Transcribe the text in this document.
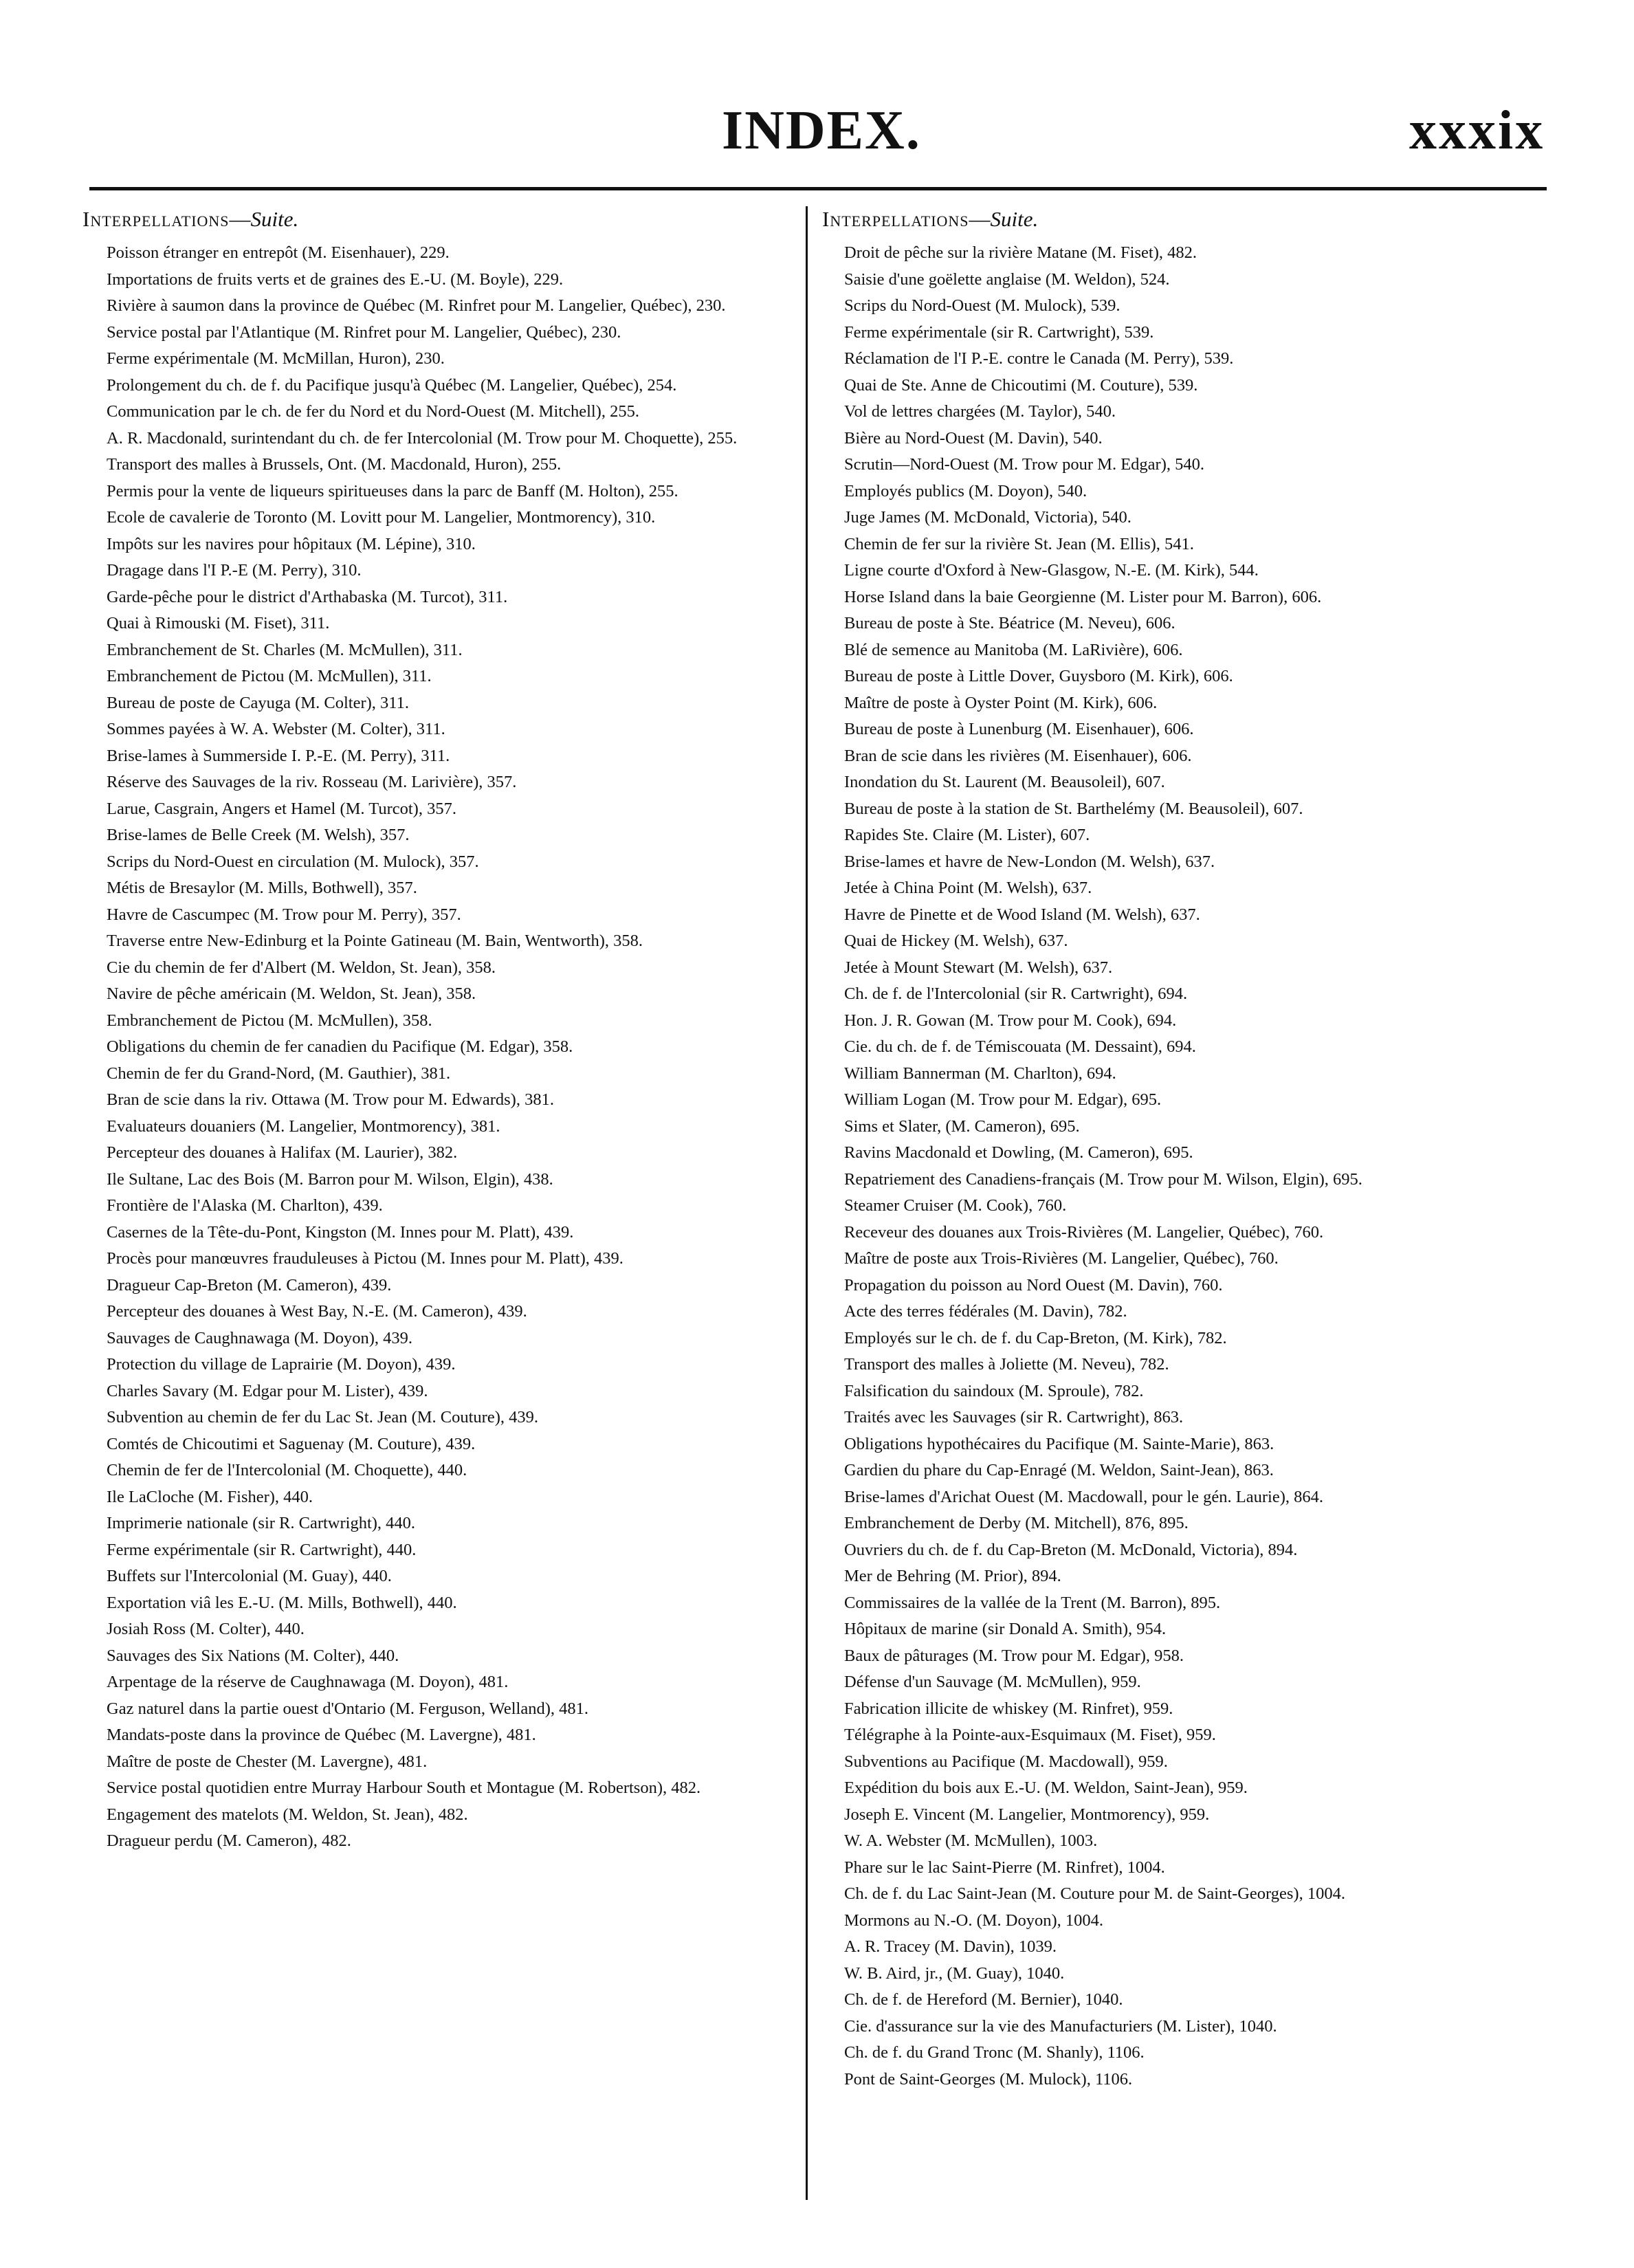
INDEX.	xxxix
Interpellations—Suite.
Poisson étranger en entrepôt (M. Eisenhauer), 229.
Importations de fruits verts et de graines des E.-U. (M. Boyle), 229.
Rivière à saumon dans la province de Québec (M. Rinfret pour M. Langelier, Québec), 230.
Service postal par l'Atlantique (M. Rinfret pour M. Langelier, Québec), 230.
Ferme expérimentale (M. McMillan, Huron), 230.
Prolongement du ch. de f. du Pacifique jusqu'à Québec (M. Langelier, Québec), 254.
Communication par le ch. de fer du Nord et du Nord-Ouest (M. Mitchell), 255.
A. R. Macdonald, surintendant du ch. de fer Intercolonial (M. Trow pour M. Choquette), 255.
Transport des malles à Brussels, Ont. (M. Macdonald, Huron), 255.
Permis pour la vente de liqueurs spiritueuses dans la parc de Banff (M. Holton), 255.
Ecole de cavalerie de Toronto (M. Lovitt pour M. Langelier, Montmorency), 310.
Impôts sur les navires pour hôpitaux (M. Lépine), 310.
Dragage dans l'I P.-E (M. Perry), 310.
Garde-pêche pour le district d'Arthabaska (M. Turcot), 311.
Quai à Rimouski (M. Fiset), 311.
Embranchement de St. Charles (M. McMullen), 311.
Embranchement de Pictou (M. McMullen), 311.
Bureau de poste de Cayuga (M. Colter), 311.
Sommes payées à W. A. Webster (M. Colter), 311.
Brise-lames à Summerside I. P.-E. (M. Perry), 311.
Réserve des Sauvages de la riv. Rosseau (M. Larivière), 357.
Larue, Casgrain, Angers et Hamel (M. Turcot), 357.
Brise-lames de Belle Creek (M. Welsh), 357.
Scrips du Nord-Ouest en circulation (M. Mulock), 357.
Métis de Bresaylor (M. Mills, Bothwell), 357.
Havre de Cascumpec (M. Trow pour M. Perry), 357.
Traverse entre New-Edinburg et la Pointe Gatineau (M. Bain, Wentworth), 358.
Cie du chemin de fer d'Albert (M. Weldon, St. Jean), 358.
Navire de pêche américain (M. Weldon, St. Jean), 358.
Embranchement de Pictou (M. McMullen), 358.
Obligations du chemin de fer canadien du Pacifique (M. Edgar), 358.
Chemin de fer du Grand-Nord, (M. Gauthier), 381.
Bran de scie dans la riv. Ottawa (M. Trow pour M. Edwards), 381.
Evaluateurs douaniers (M. Langelier, Montmorency), 381.
Percepteur des douanes à Halifax (M. Laurier), 382.
Ile Sultane, Lac des Bois (M. Barron pour M. Wilson, Elgin), 438.
Frontière de l'Alaska (M. Charlton), 439.
Casernes de la Tête-du-Pont, Kingston (M. Innes pour M. Platt), 439.
Procès pour manœuvres frauduleuses à Pictou (M. Innes pour M. Platt), 439.
Dragueur Cap-Breton (M. Cameron), 439.
Percepteur des douanes à West Bay, N.-E. (M. Cameron), 439.
Sauvages de Caughnawaga (M. Doyon), 439.
Protection du village de Laprairie (M. Doyon), 439.
Charles Savary (M. Edgar pour M. Lister), 439.
Subvention au chemin de fer du Lac St. Jean (M. Couture), 439.
Comtés de Chicoutimi et Saguenay (M. Couture), 439.
Chemin de fer de l'Intercolonial (M. Choquette), 440.
Ile LaCloche (M. Fisher), 440.
Imprimerie nationale (sir R. Cartwright), 440.
Ferme expérimentale (sir R. Cartwright), 440.
Buffets sur l'Intercolonial (M. Guay), 440.
Exportation viâ les E.-U. (M. Mills, Bothwell), 440.
Josiah Ross (M. Colter), 440.
Sauvages des Six Nations (M. Colter), 440.
Arpentage de la réserve de Caughnawaga (M. Doyon), 481.
Gaz naturel dans la partie ouest d'Ontario (M. Ferguson, Welland), 481.
Mandats-poste dans la province de Québec (M. Lavergne), 481.
Maître de poste de Chester (M. Lavergne), 481.
Service postal quotidien entre Murray Harbour South et Montague (M. Robertson), 482.
Engagement des matelots (M. Weldon, St. Jean), 482.
Dragueur perdu (M. Cameron), 482.
Interpellations—Suite.
Droit de pêche sur la rivière Matane (M. Fiset), 482.
Saisie d'une goëlette anglaise (M. Weldon), 524.
Scrips du Nord-Ouest (M. Mulock), 539.
Ferme expérimentale (sir R. Cartwright), 539.
Réclamation de l'I P.-E. contre le Canada (M. Perry), 539.
Quai de Ste. Anne de Chicoutimi (M. Couture), 539.
Vol de lettres chargées (M. Taylor), 540.
Bière au Nord-Ouest (M. Davin), 540.
Scrutin—Nord-Ouest (M. Trow pour M. Edgar), 540.
Employés publics (M. Doyon), 540.
Juge James (M. McDonald, Victoria), 540.
Chemin de fer sur la rivière St. Jean (M. Ellis), 541.
Ligne courte d'Oxford à New-Glasgow, N.-E. (M. Kirk), 544.
Horse Island dans la baie Georgienne (M. Lister pour M. Barron), 606.
Bureau de poste à Ste. Béatrice (M. Neveu), 606.
Blé de semence au Manitoba (M. LaRivière), 606.
Bureau de poste à Little Dover, Guysboro (M. Kirk), 606.
Maître de poste à Oyster Point (M. Kirk), 606.
Bureau de poste à Lunenburg (M. Eisenhauer), 606.
Bran de scie dans les rivières (M. Eisenhauer), 606.
Inondation du St. Laurent (M. Beausoleil), 607.
Bureau de poste à la station de St. Barthelémy (M. Beausoleil), 607.
Rapides Ste. Claire (M. Lister), 607.
Brise-lames et havre de New-London (M. Welsh), 637.
Jetée à China Point (M. Welsh), 637.
Havre de Pinette et de Wood Island (M. Welsh), 637.
Quai de Hickey (M. Welsh), 637.
Jetée à Mount Stewart (M. Welsh), 637.
Ch. de f. de l'Intercolonial (sir R. Cartwright), 694.
Hon. J. R. Gowan (M. Trow pour M. Cook), 694.
Cie. du ch. de f. de Témiscouata (M. Dessaint), 694.
William Bannerman (M. Charlton), 694.
William Logan (M. Trow pour M. Edgar), 695.
Sims et Slater, (M. Cameron), 695.
Ravins Macdonald et Dowling, (M. Cameron), 695.
Repatriement des Canadiens-français (M. Trow pour M. Wilson, Elgin), 695.
Steamer Cruiser (M. Cook), 760.
Receveur des douanes aux Trois-Rivières (M. Langelier, Québec), 760.
Maître de poste aux Trois-Rivières (M. Langelier, Québec), 760.
Propagation du poisson au Nord Ouest (M. Davin), 760.
Acte des terres fédérales (M. Davin), 782.
Employés sur le ch. de f. du Cap-Breton, (M. Kirk), 782.
Transport des malles à Joliette (M. Neveu), 782.
Falsification du saindoux (M. Sproule), 782.
Traités avec les Sauvages (sir R. Cartwright), 863.
Obligations hypothécaires du Pacifique (M. Sainte-Marie), 863.
Gardien du phare du Cap-Enragé (M. Weldon, Saint-Jean), 863.
Brise-lames d'Arichat Ouest (M. Macdowall, pour le gén. Laurie), 864.
Embranchement de Derby (M. Mitchell), 876, 895.
Ouvriers du ch. de f. du Cap-Breton (M. McDonald, Victoria), 894.
Mer de Behring (M. Prior), 894.
Commissaires de la vallée de la Trent (M. Barron), 895.
Hôpitaux de marine (sir Donald A. Smith), 954.
Baux de pâturages (M. Trow pour M. Edgar), 958.
Défense d'un Sauvage (M. McMullen), 959.
Fabrication illicite de whiskey (M. Rinfret), 959.
Télégraphe à la Pointe-aux-Esquimaux (M. Fiset), 959.
Subventions au Pacifique (M. Macdowall), 959.
Expédition du bois aux E.-U. (M. Weldon, Saint-Jean), 959.
Joseph E. Vincent (M. Langelier, Montmorency), 959.
W. A. Webster (M. McMullen), 1003.
Phare sur le lac Saint-Pierre (M. Rinfret), 1004.
Ch. de f. du Lac Saint-Jean (M. Couture pour M. de Saint-Georges), 1004.
Mormons au N.-O. (M. Doyon), 1004.
A. R. Tracey (M. Davin), 1039.
W. B. Aird, jr., (M. Guay), 1040.
Ch. de f. de Hereford (M. Bernier), 1040.
Cie. d'assurance sur la vie des Manufacturiers (M. Lister), 1040.
Ch. de f. du Grand Tronc (M. Shanly), 1106.
Pont de Saint-Georges (M. Mulock), 1106.
